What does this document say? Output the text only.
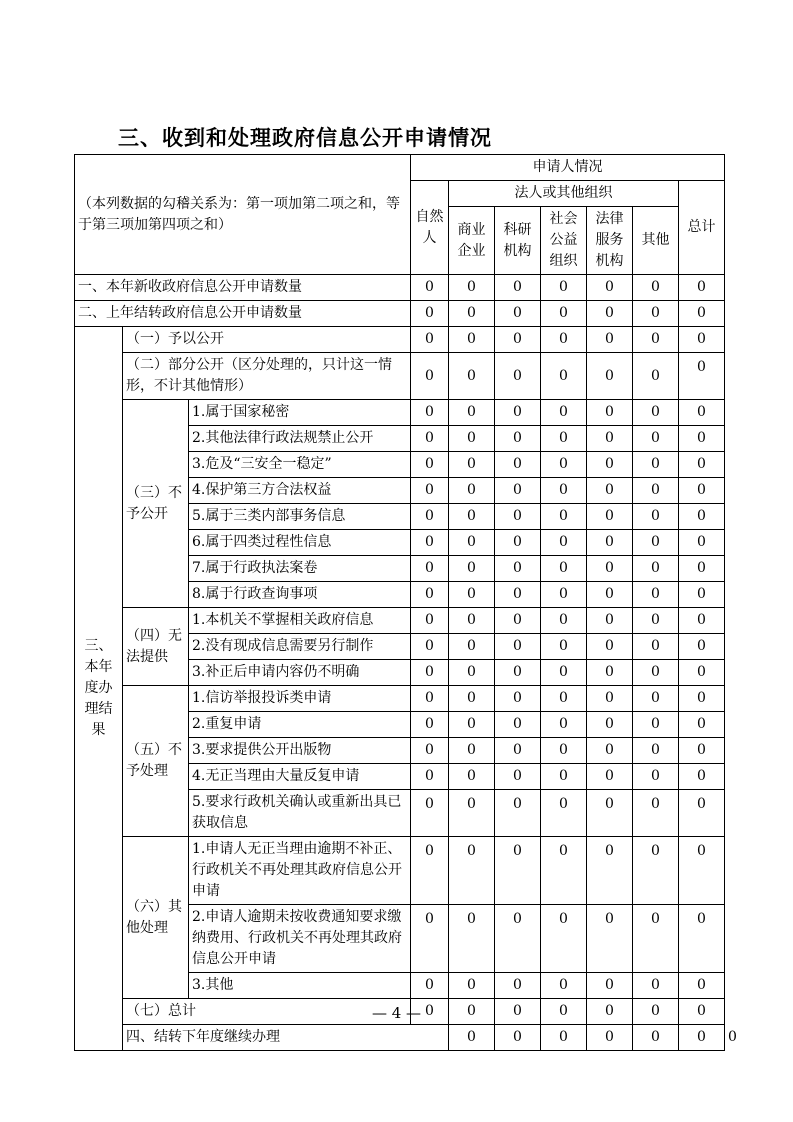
三、收到和处理政府信息公开申请情况
（本列数据的勾稽关系为：第一项加第二项之和，等于第三项加第四项之和）			申请人情况							
			自然人	法人或其他组织					总计	
				商业企业	科研机构	社会公益组织	法律服务机构	其他		
一、本年新收政府信息公开申请数量			0	0	0	0	0	0	0	
二、上年结转政府信息公开申请数量			0	0	0	0	0	0	0	
三、本年度办理结果	（一）予以公开		0	0	0	0	0	0	0	
	（二）部分公开（区分处理的，只计这一情形，不计其他情形）		0	0	0	0	0	0	0	
	（三）不予公开	1.属于国家秘密	0	0	0	0	0	0	0	
		2.其他法律行政法规禁止公开	0	0	0	0	0	0	0	
		3.危及“三安全一稳定”	0	0	0	0	0	0	0	
		4.保护第三方合法权益	0	0	0	0	0	0	0	
		5.属于三类内部事务信息	0	0	0	0	0	0	0	
		6.属于四类过程性信息	0	0	0	0	0	0	0	
		7.属于行政执法案卷	0	0	0	0	0	0	0	
		8.属于行政查询事项	0	0	0	0	0	0	0	
	（四）无法提供	1.本机关不掌握相关政府信息	0	0	0	0	0	0	0	
		2.没有现成信息需要另行制作	0	0	0	0	0	0	0	
		3.补正后申请内容仍不明确	0	0	0	0	0	0	0	
	（五）不予处理	1.信访举报投诉类申请	0	0	0	0	0	0	0	
		2.重复申请	0	0	0	0	0	0	0	
		3.要求提供公开出版物	0	0	0	0	0	0	0	
		4.无正当理由大量反复申请	0	0	0	0	0	0	0	
		5.要求行政机关确认或重新出具已获取信息	0	0	0	0	0	0	0	
	（六）其他处理	1.申请人无正当理由逾期不补正、行政机关不再处理其政府信息公开申请	0	0	0	0	0	0	0	
		2.申请人逾期未按收费通知要求缴纳费用、行政机关不再处理其政府信息公开申请	0	0	0	0	0	0	0	
		3.其他	0	0	0	0	0	0	0	
	（七）总计		0	0	0	0	0	0	0	
	四、结转下年度继续办理			0	0	0	0	0	0	0
— 4 —
